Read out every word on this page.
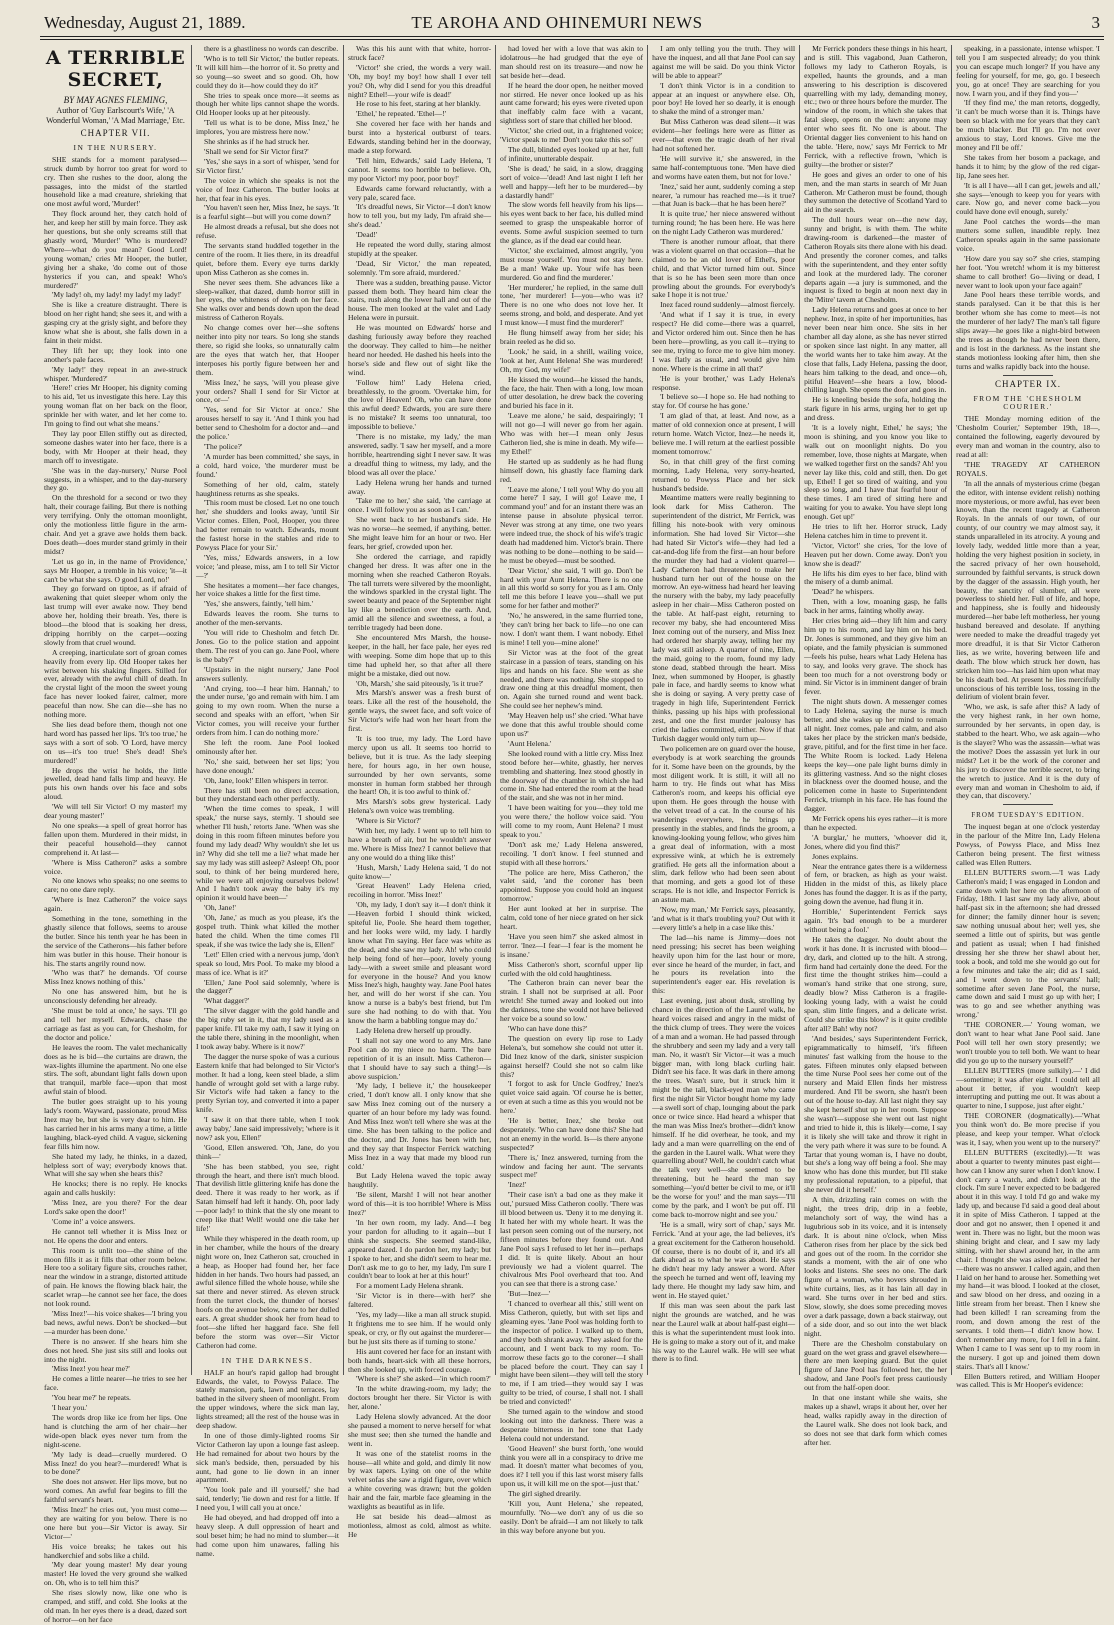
Wednesday, August 21, 1889.	TE AROHA AND OHINEMURI NEWS	3
A TERRIBLE SECRET,
BY MAY AGNES FLEMING,
Author of 'Guy Earlscourt's Wife,' 'A Wonderful Woman,' 'A Mad Marriage,' Etc.
CHAPTER VII.
IN THE NURSERY.

SHE stands for a moment paralysed—struck dumb by horror too great for word to cry. Then she rushes to the door, along the passages, into the midst of the startled household like a mad creature, shrieking that one most awful word, 'Murder!'

They flock around her, they catch hold of her, and keep her still by main force. They ask her questions, but she only screams still that ghastly word, 'Murder!' 'Who is murdered? Where—what do you mean? Good Lord! young woman,' cries Mr Hooper, the butler, giving her a shake, 'do come out of those hysterics if you can, and speak! Who's murdered?'

'My lady! oh, my lady! my lady! my lady!'

She is like a creature distraught. There is blood on her right hand; she sees it, and with a gasping cry at the grisly sight, and before they know what she is about, she falls down in a faint in their midst.

They lift her up; they look into one another's pale faces.

'My lady!' they repeat in an awe-struck whisper. 'Murdered?'

'Here!' cries Mr Hooper, his dignity coming to his aid, 'let us investigate this here. Lay this young woman flat on her back on the floor, sprinkle her with water, and let her come to. I'm going to find out what she means.'

They lay poor Ellen stiffly out as directed, someone dashes water into her face, there is a body, with Mr Hooper at their head, they march off to investigate.

'She was in the day-nursery,' Nurse Pool suggests, in a whisper, and to the day-nursery they go.

On the threshold for a second or two they halt, their courage failing. But there is nothing very terrifying. Only the ottoman moonlight, only the motionless little figure in the arm-chair. And yet a grave awe holds them back. Does death—does murder stand grimly in their midst?

'Let us go in, in the name of Providence,' says Mr Hooper, a tremble in his voice; 'it—it can't be what she says. O good Lord, no!'

They go forward on tiptoe, as if afraid of awakening that quiet sleeper whom only the last trump will ever awake now. They bend above her, holding their breath. Yes, there is blood—the blood that is soaking her dress, dripping horribly on the carpet—oozing slowly from that cruel wound.

A creeping, inarticulate sort of groan comes heavily from every lip. Old Hooper takes her wrist between his shaking fingers. Stilled for ever, already with the awful chill of death. In the crystal light of the moon the sweet young face has never looked fairer, calmer, more peaceful than now. She can die—she has no nothing more.

She lies dead before them, though not one hard word has passed her lips. 'It's too true,' he says with a sort of sob. 'O Lord, have mercy on us—it's too true! She's dead! She's murdered!'

He drops the wrist he holds, the little jewelled, dead hand falls limp and heavy. He puts his own hands over his face and sobs aloud.

'We will tell Sir Victor! O my master! my dear young master!'

No one speaks—a spell of great horror has fallen upon them. Murdered in their midst, in their peaceful household—they cannot comprehend it. At last—

'Where is Miss Catheron?' asks a sombre voice.

No one knows who speaks; no one seems to care; no one dare reply.

'Where is Inez Catheron?' the voice says again.

Something in the tone, something in the ghastly silence that follows, seems to arouse the butler. Since his tenth year he has been in the service of the Catherons—his father before him was butler in this house. Their honour is his. The starts angrily round now.

'Who was that?' he demands. 'Of course Miss Inez knows nothing of this.'

No one has answered him, but he is unconsciously defending her already.

'She must be told at once,' he says. 'I'll go and tell her myself. Edwards, chase the carriage as fast as you can, for Chesholm, for the doctor and police.'

He leaves the room. The valet mechanically does as he is bid—the curtains are drawn, the wax-lights illumine the apartment. No one else stirs. The soft, abundant light falls down upon that tranquil, marble face—upon that most awful stain of blood.

The butler goes straight up to his young lady's room. Wayward, passionate, proud Miss Inez may be, but she is very dear to him. He has carried her in his arms many a time, a little laughing, black-eyed child. A vague, sickening fear fills him now.

She hated my lady, he thinks, in a dazed, helpless sort of way; everybody knows that. What will she say when she hears this?

He knocks; there is no reply. He knocks again and calls huskily:

'Miss Inez, are you there? For the dear Lord's sake open the door!'

'Come in!' a voice answers.

He cannot tell whether it is Miss Inez or not. He opens the door and enters.

This room is unlit too—the shine of the moon fills it as it fills that other room below. Here too a solitary figure sits, crouches rather, near the window in a strange, distorted attitude of pain. He knows the flowing black hair, the scarlet wrap—he cannot see her face, the does not look round.

'Miss Inez!'—his voice shakes—'I bring you bad news, awful news. Don't be shocked—but—a murder has been done.'

There is no answer. If she hears him she does not heed. She just sits still and looks out into the night.

'Miss Inez! you hear me?'

He comes a little nearer—he tries to see her face.

'You hear me?' he repeats.

'I hear you.'

The words drop like ice from her lips. One hand is clutching the arm of her chair—her wide-open black eyes never turn from the night-scene.

'My lady is dead—cruelly murdered. O Miss Inez! do you hear?—murdered! What is to be done?'

She does not answer. Her lips move, but no word comes. An awful fear begins to fill the faithful servant's heart.

'Miss Inez!' he cries out, 'you must come—they are waiting for you below. There is no one here but you—Sir Victor is away. Sir Victor—'

His voice breaks; he takes out his handkerchief and sobs like a child.

'My dear young master! My dear young master! He loved the very ground she walked on. Oh, who is to tell him this?'

She rises slowly now, like one who is cramped, and stiff, and cold. She looks at the old man. In her eyes there is a dead, dazed sort of horror—on her face

there is a ghastliness no words can describe.

'Who is to tell Sir Victor,' the butler repeats. 'It will kill him—the horror of it. So pretty and so young—so sweet and so good. Oh, how could they do it—how could they do it?'

She tries to speak once more—it seems as though her white lips cannot shape the words. Old Hooper looks up at her piteously.

'Tell us what is to be done, Miss Inez,' he implores, 'you are mistress here now.'

She shrinks as if he had struck her.

'Shall we send for Sir Victor first?'

'Yes,' she says in a sort of whisper, 'send for Sir Victor first.'

The voice in which she speaks is not the voice of Inez Catheron. The butler looks at her, that fear in his eyes.

'You haven't seen her, Miss Inez, he says. 'It is a fearful sight—but will you come down?'

He almost dreads a refusal, but she does not refuse.

The servants stand huddled together in the centre of the room. It lies there, in its dreadful quiet, before them. Every eye turns darkly upon Miss Catheron as she comes in.

She never sees them. She advances like a sleep-walker, that dazed, dumb horror still in her eyes, the whiteness of death on her face. She walks over and bends down upon the dead mistress of Catheron Royals.

No change comes over her—she softens neither into pity nor tears. So long she stands there, so rigid she looks, so unnaturally calm are the eyes that watch her, that Hooper interposes his portly figure between her and them.

'Miss Inez,' he says, 'will you please give your orders? Shall I send for Sir Victor at once, or—'

'Yes, send for Sir Victor at once.' She arouses herself to say it. 'And I think you had better send to Chesholm for a doctor and—and the police.'

'The police?'

'A murder has been committed,' she says, in a cold, hard voice, 'the murderer must be found.'

Something of her old, calm, stately haughtiness returns as she speaks.

'This room must be closed. Let no one touch her,' she shudders and looks away, 'until Sir Victor comes. Ellen, Pool, Hooper, you three had better remain to watch. Edwards, mount the fastest horse in the stables and ride to Powyss Place for your Sir.'

'Yes, miss,' Edwards answers, in a low voice; 'and please, miss, am I to tell Sir Victor—?'

She hesitates a moment—her face changes, her voice shakes a little for the first time.

'Yes,' she answers, faintly, 'tell him.'

Edwards leaves the room. She turns to another of the men-servants.

'You will ride to Chesholm and fetch Dr. Jones. Go to the police station and appoint them. The rest of you can go. Jane Pool, where is the baby?'

'Upstairs in the night nursery,' Jane Pool answers sullenly.

'And crying, too—I hear him. Hannah,' to the under nurse, 'go and remain with him. I am going to my own room. When the nurse a second and speaks with an effort, 'when Sir Victor comes, you will receive your further orders from him. I can do nothing more.'

She left the room. Jane Pool looked ominously after her.

'No,' she said, between her set lips; 'you have done enough.'

'Oh, Jane, look!' Ellen whispers in terror.

There has still been no direct accusation, but they understand each other perfectly.

'When the time comes to speak, I will speak,' the nurse says, sternly. 'I should see whether I'll hush,' retorts Jane. 'When was she doing in this room fifteen minutes before you found my lady dead? Why wouldn't she let us in? Why did she tell me a lie? what made her say my lady was still asleep? Asleep! Oh, poor soul, to think of her being murdered here, while we were all enjoying ourselves below! And I hadn't took away the baby it's my opinion it would have been—'

'Oh, Jane!'

'Oh, Jane,' as much as you please, it's the gospel truth. Think what killed the mother hated the child. When the time comes I'll speak, if she was twice the lady she is, Ellen!'

'Let!' Ellen cried with a nervous jump, 'don't speak so loud, Mrs Pool. To make my blood a mass of ice. What is it?'

'Ellen,' Jane Pool said solemnly, 'where is the dagger?'

'What dagger?'

'The silver dagger with the gold handle and the big ruby set in it, that my lady used as a paper knife. I'll take my oath, I saw it lying on the table there, shining in the moonlight, when I took away baby. Where is it now?'

The dagger the nurse spoke of was a curious Eastern knife that had belonged to Sir Victor's mother. It had a long, keen steel blade, a slim handle of wrought gold set with a large ruby. Sir Victor's wife had taken a fancy to the pretty Syrian toy, and converted it into a paper knife.

'I saw it on that there table, when I took away baby,' Jane said impressively; 'where is it now? ask you, Ellen!'

'Good, Ellen answered. 'Oh, Jane, do you think—'

'She has been stabbed, you see, right through the heart, and there isn't much blood. That devilish little glittering knife has done the deed. There it was ready to her work, as if Satan himself had left it handy. Oh, poor lady—poor lady! to think that the sly one meant to creep like that! Well! would one die take her life!'

While they whispered in the death room, up in her chamber, while the hours of the dreary night wore on, Inez Catheron sat, crouched in a heap, as Hooper had found her, her face hidden in her hands. Two hours had passed, an awful silence filled the whole house, while she sat there and never stirred. As eleven struck from the turret clock, the thunder of horses' hoofs on the avenue below, came to her dulled ears. A great shudder shook her from head to foot—she lifted her haggard face. She fell before the storm was over—Sir Victor Catheron had come.

IN THE DARKNESS.

HALF an hour's rapid gallop had brought Edwards, the valet, to Powyss Palace. The stately mansion, park, lawn and terraces, lay bathed in the silvery sheen of moonlight. From the upper windows, where the sick man lay, lights streamed; all the rest of the house was in deep shadow.

In one of those dimly-lighted rooms Sir Victor Catheron lay upon a lounge fast asleep. He had remained for about two hours by the sick man's bedside, then, persuaded by his aunt, had gone to lie down in an inner apartment.

'You look pale and ill yourself,' she had said, tenderly; 'lie down and rest for a little. If I need you, I will call you at once.'

He had obeyed, and had dropped off into a heavy sleep. A dull oppression of heart and soul beset him; he had no mind to slumber—it had come upon him unawares, falling his name.

Was this his aunt with that white, horror-struck face?

'Victor!' she cried, the words a very wail. 'Oh, my boy! my boy! how shall I ever tell you? Oh, why did I send for you this dreadful night? Ethel!—your wife is dead!'

He rose to his feet, staring at her blankly.

'Ethel,' he repeated. 'Ethel—!'

She covered her face with her hands and burst into a hysterical outburst of tears. Edwards, standing behind her in the doorway, made a step forward.

'Tell him, Edwards,' said Lady Helena, 'I cannot. It seems too horrible to believe. Oh, my poor Victor! my poor, poor boy!'

Edwards came forward reluctantly, with a very pale, scared face.

'It's dreadful news, Sir Victor—I don't know how to tell you, but my lady, I'm afraid she—she's dead.'

'Dead!'

He repeated the word dully, staring almost stupidly at the speaker.

'Dead, Sir Victor,' the man repeated, solemnly. 'I'm sore afraid, murdered.'

There was a sudden, breathing pause. Victor passed them both. They heard him clear the stairs, rush along the lower hall and out of the house. The men looked at the valet and Lady Helena were in pursuit.

He was mounted on Edwards' horse and dashing furiously away before they reached the doorway. They called to him—he neither heard nor heeded. He dashed his heels into the horse's side and flew out of sight like the wind.

'Follow him!' Lady Helena cried, breathlessly, to the groom. 'Overtake him, for the love of Heaven! Oh, who can have done this awful deed? Edwards, you are sure there is no mistake? It seems too unnatural, too impossible to believe.'

'There is no mistake, my lady,' the man answered, sadly. 'I saw her myself, and a more horrible, heartrending sight I never saw. It was a dreadful thing to witness, my lady, and the blood was all over the place.'

Lady Helena wrung her hands and turned away.

'Take me to her,' she said, 'the carriage at once. I will follow you as soon as I can.'

She went back to her husband's side. He was no worse—he seemed, if anything, better. She might leave him for an hour or two. Her fears, her grief, crowded upon her.

She ordered the carriage, and rapidly changed her dress. It was after one in the morning when she reached Catheron Royals. The tall turrets were silvered by the moonlight, the windows sparkled in the crystal light. The sweet beauty and peace of the September night lay like a benediction over the earth. And, amid all the silence and sweetness, a foul, a terrible tragedy had been done.

She encountered Mrs Marsh, the house-keeper, in the hall, her face pale, her eyes red with weeping. Some dim hope that up to this time had upheld her, so that after all there might be a mistake, died out now.

'Oh, Marsh,' she said piteously, 'is it true?'

Mrs Marsh's answer was a fresh burst of tears. Like all the rest of the household, the gentle ways, the sweet face, and soft voice of Sir Victor's wife had won her heart from the first.

'It is too true, my lady. The Lord have mercy upon us all. It seems too horrid to believe, but it is true. As the lady sleeping here, for hours ago, in her own house, surrounded by her own servants, some monster in human form stabbed her through the heart! Oh, it is too awful to think of.'

Mrs Marsh's sobs grew hysterical. Lady Helena's own voice was trembling.

'Where is Sir Victor?'

'With her, my lady. I went up to tell him to have a breath of air, but he wouldn't answer me. Where is Miss Inez? I cannot believe that any one would do a thing like this!'

'Hush, Marsh,' Lady Helena said, 'I do not quite know—'

'Great Heaven!' Lady Helena cried, recoiling in horror. 'Miss Inez!'

'Oh, my lady, I don't say it—I don't think it—Heaven forbid I should think wicked, spiteful lie, Poole. She heard them together, and her looks were wild, my lady. I hardly know what I'm saying. Her face was white as the dead, and she saw my lady. Ah! who could help being fond of her—poor, lovely young lady—with a sweet smile and pleasant word for everyone in the house? And you know Miss Inez's high, haughty way. Jane Pool hates her, and will do her worst if she can. You know a nurse is a baby's best friend, but I'm sure she had nothing to do with that. You know the harm a babbling tongue may do.'

Lady Helena drew herself up proudly.

'I shall not say one word to any Mrs. Jane Pool can do my niece no harm. The bare repetition of it is an insult. Miss Catheron—that I should have to say such a thing!—is above suspicion.'

'My lady, I believe it,' the housekeeper cried, 'I don't know all. I only know that she saw Miss Inez coming out of the nursery a quarter of an hour before my lady was found. And Miss Inez won't tell where she was at the time. She has been talking to the police and the doctor, and Dr. Jones has been with her, and they say that Inspector Ferrick watching Miss Inez in a way that made my blood run cold.'

But Lady Helena waved the topic away haughtily.

'Be silent, Marsh! I will not hear another word of this—it is too horrible! Where is Miss Inez?'

'In her own room, my lady. And—I beg your pardon for alluding to it again—but I think she suspects. She seemed stand-like, appeared dazed. I do pardon her, my lady; but I spoke to her, and she didn't seem to hear me. Don't ask me to go to her, my lady, I'm sure I couldn't bear to look at her at this hour!'

For a moment Lady Helena shrank.

'Sir Victor is in there—with her?' she faltered.

'Yes, my lady—like a man all struck stupid. It frightens me to see him. If he would only speak, or cry, or fly out against the murderer—but he just sits there as if turning to stone.'

His aunt covered her face for an instant with both hands, heart-sick with all these horrors, then she looked up, with forced courage.

'Where is she?' she asked—'in which room?'

'In the white drawing-room, my lady; the doctors brought her there. Sir Victor is with her, alone.'

Lady Helena slowly advanced. At the door she paused a moment to nerve herself for what she must see; then she turned the handle and went in.

It was one of the statelist rooms in the house—all white and gold, and dimly lit now by wax tapers. Lying on one of the white velvet sofas she saw a rigid figure, over which a white covering was drawn; but the golden hair and the fair, marble face gleaming in the waxlights as beautiful as in life.

He sat beside his dead—almost as motionless, almost as cold, almost as white. He

had loved her with a love that was akin to idolatrous—he had grudged that the eye of man should rest on its treasure—and now he sat beside her—dead.

If he heard the door open, he neither moved nor stirred. He never once looked up as his aunt came forward; his eyes were riveted upon that ineffably calm face with a vacant, sightless sort of stare that chilled her blood.

'Victor,' she cried out, in a frightened voice; 'Victor speak to me! Don't you take this so!'

The dull, blinded eyes looked up at her, full of infinite, unutterable despair.

'She is dead,' he said, in a slow, dragging sort of voice—'dead! And last night I left her well and happy—left her to be murdered—by a dastardly hand!'

The slow words fell heavily from his lips—his eyes went back to her face, his dulled mind seemed to grasp the unspeakable horror of events. Some awful suspicion seemed to turn the glance, as if the dead ear could hear.

'Victor,' she exclaimed, almost angrily, 'you must rouse yourself. You must not stay here. Be a man! Wake up. Your wife has been murdered. Go and find the murderer.'

'Her murderer,' he replied, in the same dull tone, 'her murderer! I—you—who was it? There is no one who does not love her. It seems strong, and bold, and desperate. And yet I must know—I must find the murderer!'

He flung himself away from her side; his brain reeled as he did so.

'Look,' he said, in a shrill, wailing voice, 'look at her, Aunt Helena! She was murdered! Oh, my God, my wife!'

He kissed the wound—he kissed the hands, the face, the hair. Then with a long, low moan of utter desolation, he drew back the covering and buried his face in it.

'Leave me alone,' he said, despairingly; 'I will not go—I will never go from her again. Who was with her—I mean only Jesus Catheron lied, she is mine in death. My wife—my Ethel!'

He started up as suddenly as he had flung himself down, his ghastly face flaming dark red.

'Leave me alone,' I tell you! Why do you all come here?' I say, I will go! Leave me, I command you!' and for an instant there was an intense pause in absolute physical terror. Never was strong at any time, one two years were indeed true, the shock of his wife's tragic death had maddened him. Victor's brain. There was nothing to be done—nothing to be said—he must be obeyed—must be soothed.

'Dear Victor,' she said, 'I will go. Don't be hard with your Aunt Helena. There is no one in all this world so sorry for you as I am. Only tell me this before I leave you—shall we put some for her father and mother?'

'No,' he answered, in the same flurried tone, 'they can't bring her back to life—no one can now. I don't want them. I want nobody. Ethel is mine! I tell you—mine alone!'

Sir Victor was at the foot of the great staircase in a passion of tears, standing on his lips and hands on his face. She went as she needed, and there was nothing. She stopped to draw one thing at this dreadful moment, then on. Again she turned round and went back. She could see her nephew's mind.

'May Heaven help us!' she cried. 'What have we done that this awful trouble should come upon us?'

'Aunt Helena.'

She looked round with a little cry. Miss Inez stood before her—white, ghastly, her nerves trembling and shattering. Inez stood ghostly in the doorway of the chamber in which she had come in. She had entered the room at the head of the stair, and she was not in her mind.

'I have been waiting for you—they told me you were there,' the hollow voice said. 'You will come to my room, Aunt Helena? I must speak to you.'

'Don't ask me,' Lady Helena answered, recoiling. 'I don't know. I feel stunned and stupid with all these horrors.'

'The police are here, Miss Catheron,' the valet said, 'and the coroner has been appointed. Suppose you could hold an inquest tomorrow.'

Her aunt looked at her in surprise. The calm, cold tone of her niece grated on her sick heart.

'Have you seen him?' she asked almost in terror. 'Inez—I fear—I fear is the moment he is insane.'

Miss Catheron's short, scornful upper lip curled with the old cold haughtiness.

'The Catheron brain can never bear the strain. I shall not be surprised at all. Poor wretch! She turned away and looked out into the darkness, tone she would not have believed her voice be a sound so low.'

'Who can have done this?'

The question on every lip rose to Lady Helena's, but somehow she could not utter it. Did Inez know of the dark, sinister suspicion against herself? Could she not so calm like this?

'I forgot to ask for Uncle Godfrey,' Inez's quiet voice said again. 'Of course he is better, or even at such a time as this you would not be here.'

'He is better, Inez,' she broke out desperately. 'Who can have done this? She had not an enemy in the world. Is—is there anyone suspected?'

'There is,' Inez answered, turning from the window and facing her aunt. 'The servants suspect me!'

'Inez!'

'Their case isn't a bad one as they make it out,' pursued Miss Catheron coolly. 'There was ill blood between us. 'Deny it to me denying it. It hated her with my whole heart. It was the last person seen coming out of the nursery, not fifteen minutes before they found out. And Jane Pool says I refused to let her in—perhaps I did. It is quite likely. About an hour previously we had a violent quarrel. The chivalrous Mrs Pool overheard that too. And you can see that there is a strong case.'

'But—Inez—'

'I chanced to overhear all this,' still went on Miss Catheron, quietly, but with set lips and gleaming eyes. 'Jane Pool was holding forth to the inspector of police. I walked up to them, and they both shrank away. They asked for the account, and I went back to my room. To-morrow these facts go to the coroner—I shall be placed before the court. They can say I might have been silent—they will tell the story to me, if I am tried—they would say I was guilty to be tried, of course, I shall not. I shall be tried and convicted!'

She turned again to the window and stood looking out into the darkness. There was a desperate bitterness in her tone that Lady Helena could not understand.

'Good Heaven!' she burst forth, 'one would think you were all in a conspiracy to drive me mad. It doesn't matter what becomes of you, does it? I tell you if this last worst misery falls upon us, it will kill me on the spot—just that.'

The girl sighed drearily.

'Kill you, Aunt Helena,' she repeated, mournfully. 'No—we don't any of us die so easily. Don't be afraid—I am not likely to talk in this way before anyone but you.

I am only telling you the truth. They will have the inquest, and all that Jane Pool can say against me will be said. Do you think Victor will be able to appear?'

'I don't think Victor is in a condition to appear at an inquest or anywhere else. Oh, poor boy! He loved her so dearly, it is enough to shake the mind of a stronger man.'

But Miss Catheron was dead silent—it was evident—her feelings here were as flitter as ever—that even the tragic death of her rival had not softened her.

'He will survive it,' she answered, in the same half-contemptuous tone. 'Men have died and worms have eaten them, but not for love.'

'Inez,' said her aunt, suddenly coming a step nearer, 'a rumour has reached me—is it true?—that Juan is back—that he has been here?'

It is quite true,' her niece answered without turning round; 'he has been here. He was here on the night Lady Catheron was murdered.'

'There is another rumour afloat, that there was a violent quarrel on that occasion—that he claimed to be an old lover of Ethel's, poor child, and that Victor turned him out. Since that is so he has been seen more than once prowling about the grounds. For everybody's sake I hope it is not true.'

Inez faced round suddenly—almost fiercely.

'And what if I say it is true, in every respect? He did come—there was a quarrel, and Victor ordered him out. Since then he has been here—prowling, as you call it—trying to see me, trying to force me to give him money. I was flatly as usual, and would give him none. Where is the crime in all that?'

'He is your brother,' was Lady Helena's response.

'I believe so—I hope so. He had nothing to stay for. Of course he has gone.'

'I am glad of that, at least. And now, as a matter of old connexion once at present, I will return home. Watch Victor, Inez—he needs it, believe me. I will return at the earliest possible moment tomorrow.'

So, in that chill grey of the first coming morning, Lady Helena, very sorry-hearted, returned to Powyss Place and her sick husband's bedside.

Meantime matters were really beginning to look dark for Miss Catheron. The superintendent of the district, Mr Ferrick, was filling his note-book with very ominous information. She had loved Sir Victor—she had hated Sir Victor's wife—they had led a cat-and-dog life from the first—an hour before the murder they had had a violent quarrel—Lady Catheron had threatened to make her husband turn her out of the house on the morrow. An eye-witness had heard her leaving the nursery with the baby, my lady peacefully asleep in her chair—Miss Catheron posted on the table. At half-past eight, returning to recover my baby, she had encountered Miss Inez coming out of the nursery, and Miss Inez had ordered her sharply away, telling her my lady was still asleep. A quarter of nine, Ellen, the maid, going to the room, found my lady stone dead, stabbed through the heart. Miss Inez, when summoned by Hooper, is ghastly pale in face, and hardly seems to know what she is doing or saying. A very pretty case of tragedy in high life, Superintendent Ferrick thinks, passing up his hips with professional zest, and one the first murder jealousy has cried the ladies committed, either. Now if that Turkish dagger would only turn up—

Two policemen are on guard over the house, everybody is at work searching the grounds for it. Some have been on the grounds, by the most diligent work. It is still, it will all no harm to try. He finds out what has Miss Catheron's room, and keeps his official eye upon them. He goes through the house with the velvet tread of a cat. In the course of his wanderings everywhere, he brings up presently in the stables, and finds the groom, a knowing-looking young fellow, who gives him a great deal of information, with a most expressive wink, at which he is extremely gratified. He gets all the information about a slim, dark fellow who had been seen about that morning, and gets a good lot of these scraps. He is not idle, and Inspector Ferrick is an astute man.

'Now, my man,' Mr Ferrick says, pleasantly, 'and what is it that's troubling you? Out with it—every little's a help in a case like this.'

The lad—his name is Jimmy—does not need pressing; his secret has been weighing heavily upon him for the last hour or more, ever since he heard of the murder, in fact, and he pours its revelation into the superintendent's eager ear. His revelation is this:

Last evening, just about dusk, strolling by chance in the direction of the Laurel walk, he heard voices raised and angry in the midst of the thick clump of trees. They were the voices of a man and a woman. He had passed through the shrubbery and seen my lady and a very tall man. No, it wasn't Sir Victor—it was a much bigger man, with long black curling hair. Didn't see his face. It was dark in there among the trees. Wasn't sure, but it struck him it might be the tall, black-eyed man who came first the night Sir Victor bought home my lady—a swell sort of chap, lounging about the park once or twice since. Had heard a whisper that the man was Miss Inez's brother—didn't know himself. If he did overhear, he took, and my lady and a man were quarrelling on the end of the garden in the Laurel walk. What were they quarrelling about? Well, he couldn't catch what the talk very well—she seemed to be threatening, but he heard the man say something—'you'd better be civil to me, or it'll be the worse for you!' and the man says—'I'll come by the park, and I won't be put off. I'll come back to-morrow night and see you.'

'He is a small, wiry sort of chap,' says Mr. Ferrick. 'And at your age, the lad believes, it's a great excitement for the Catheron household. Of course, there is no doubt of it, and it's all dark ahead as to what he was about. He says he didn't hear my lady answer a word. After the speech he turned and went off, leaving my lady there. He thought my lady saw him, and went in. He stayed quiet.'

If this man was seen about the park last night the grounds are watched, and he was near the Laurel walk at about half-past eight—this is what the superintendent must look into. He is going to make a story out of it, and make his way to the Laurel walk. He will see what there is to find.

Mr Ferrick ponders these things in his heart, and is still. This vagabond, Juan Catheron, follows my lady to Catheron Royals, is expelled, haunts the grounds, and a man answering to his description is discovered quarrelling with my lady, demanding money, etc.; two or three hours before the murder. The window of the room, in which she takes that fatal sleep, opens on the lawn: anyone may enter who sees fit. No one is about. The Oriental dagger lies convenient to his hand on the table. 'Here, now,' says Mr Ferrick to Mr Ferrick, with a reflective frown, 'which is guilty—the brother or sister?'

He goes and gives an order to one of his men, and the man starts in search of Mr Juan Catheron. Mr Catheron must be found, though they summon the detective of Scotland Yard to aid in the search.

The dull hours wear on—the new day, sunny and bright, is with them. The white drawing-room is darkened—the master of Catheron Royals sits there alone with his dead. And presently the coroner comes, and talks with the superintendent, and they enter softly and look at the murdered lady. The coroner departs again —a jury is summoned, and the inquest is fixed to begin at noon next day in the 'Mitre' tavern at Chesholm.

Lady Helena returns and goes at once to her nephew. Inez, in spite of her importunities, has never been near him once. She sits in her chamber all day alone, as she has never stirred or spoken since last night. In any matter, all the world wants her to take him away. At the close that falls, Lady Helena, passing the door, hears him talking to the dead, and once—oh, pitiful Heaven!—she hears a low, blood-chilling laugh. She opens the door and goes in.

He is kneeling beside the sofa, holding the stark figure in his arms, urging her to get up and dress.

'It is a lovely night, Ethel,' he says; 'the moon is shining, and you know you like to walk out on moonlight nights. Do you remember, love, those nights at Margate, when we walked together first on the sands? Ah! you never lay like this, cold and still, then. Do get up, Ethel! I get so tired of waiting, and you sleep so long, and I have that fearful hour of these times. I am tired of sitting here and waiting for you to awake. You have slept long enough. Get up!'

He tries to lift her. Horror struck, Lady Helena catches him in time to prevent it.

'Victor, Victor!' she cries, 'for the love of Heaven put her down. Come away. Don't you know she is dead?'

He lifts his dim eyes to her face, blind with the misery of a dumb animal.

'Dead?' he whispers.

Then, with a low, moaning gasp, he falls back in her arms, fainting wholly away.

Her cries bring aid—they lift him and carry him up to his room, and lay him on his bed. Dr. Jones is summoned, and they give him an opiate, and the family physician is summoned—feels his pulse, hears what Lady Helena has to say, and looks very grave. The shock has been too much for a not overstrong body or mind. Sir Victor is in imminent danger of brain fever.

The night shuts down. A messenger comes to Lady Helena, saying the nurse is much better, and she wakes up her mind to remain all night. Inez comes, pale and calm, and also takes her place by the stricken man's bedside, grave, pitiful, and for the first time in her face. The White Room is locked. Lady Helena keeps the key—one pale light burns dimly in its glittering vastness. And so the night closes in blackness over the doomed house, and the policemen come in haste to Superintendent Ferrick, triumph in his face. He has found the dagger.

Mr Ferrick opens his eyes rather—it is more than he expected.

'A burglar,' he mutters, 'whoever did it, Jones, where did you find this?'

Jones explains.

Near the entrance gates there is a wilderness of fern, or bracken, as high as your waist. Hidden in the midst of this, as likely place Jones has found the dagger. It is as if the party, going down the avenue, had flung it in.

Horrible,' Superintendent Ferrick says again. 'It's bad enough to be a murderer without being a fool.'

He takes the dagger. No doubt about the work it has done. It is incrusted with blood—dry, dark, and clotted up to the hilt. A strong, firm hand had certainly done the deed. For the first time the thought strikes him—could a woman's hand strike that one strong, sure, deadly blow? Miss Catheron is a fragile-looking young lady, with a waist he could span, slim little fingers, and a delicate wrist. Could she strike this blow? is it quite credible after all? Bah! why not?

'And besides,' says Superintendent Ferrick, epigrammatically to himself, 'it's fifteen minutes' fast walking from the house to the gates. Fifteen minutes only elapsed between the time Nurse Pool sees her come out of the nursery and Maid Ellen finds her mistress murdered. And I'll be sworn, she hasn't been out of the house to-day. All last night they say she kept herself shut up in her room. Suppose she wasn't—suppose she went out last night and tried to hide it, this is likely—come, I say it is likely she will take and throw it right in the very path where it was sure to be found. A Tartar that young woman is, I have no doubt, but she's a long way off being a fool. She may know who has done this murder, but I'll stake my professional reputation, to a pipeful, that she never did it herself.'

A thin, drizzling rain comes on with the night, the trees drip, drip in a feeble, melancholy sort of way, the wind has a lugubrious sob in its voice, and it is intensely dark. It is about nine o'clock, when Miss Catheron rises from her place by the sick bed and goes out of the room. In the corridor she stands a moment, with the air of one who looks and listens. She sees no one. The dark figure of a woman, who hovers shrouded in white curtains, lies, as it has lain all day in ward. She turns over in her bed and stirs. Slow, slowly, she does some preceding moves over a dark passage, down a back stairway, out of a side door, and so out into the wet black night.

There are the Chesholm constabulary on guard on the wet grass and gravel elsewhere—there are men keeping guard. But the quiet figure of Jane Pool has followed her, the her shadow, and Jane Pool's feet press cautiously out from the half-open door.

In that one instant while she waits, she makes up a shawl, wraps it about her, over her head, walks rapidly away in the direction of the Laurel walk. She does not look back, and so does not see that dark form which comes after her.

speaking, in a passionate, intense whisper. 'I tell you I am suspected already; do you think you can escape much longer? If you have any feeling for yourself, for me, go, go. I beseech you, go at once! They are searching for you now. I warn you, and if they find you—'

'If they find me,' the man retorts, doggedly, 'it can't be much worse than it is. Things have been so black with me for years that they can't be much blacker. But I'll go. I'm not over anxious to stay, Lord knows. Give me the money and I'll be off.'

She takes from her bosom a package, and hands it to him; by the glow of the red cigar-lip, Jane sees her.

'It is all I have—all I can get, jewels and all,' she says—'enough to keep you for years with care. Now go, and never come back—you could have done evil enough, surely.'

Jane Pool catches the words—the man mutters some sullen, inaudible reply. Inez Catheron speaks again in the same passionate voice.

'How dare you say so?' she cries, stamping her foot. 'You wretch! whom it is my bitterest shame to call brother! Go—living or dead, I never want to look upon your face again!'

Jane Pool hears these terrible words, and stands paralysed. Can it be that this is her brother whom she has come to meet—is not the murderer of her lady? The man's tall figure slips away—he goes like a night-bird between the trees as though he had never been there, and is lost in the darkness. As the instant she stands motionless looking after him, then she turns and walks rapidly back into the house.

CHAPTER IX.
FROM THE 'CHESHOLM COURIER.'

THE Monday morning edition of the 'Chesholm Courier,' September 19th, 18—, contained the following, eagerly devoured by every man and woman in the country, also to read at all:

'THE TRAGEDY AT CATHERON ROYALS.

'In all the annals of mysterious crime (began the editor, with intense evident relish) nothing more mysterious, or more awful, has ever been known, than the recent tragedy at Catheron Royals. In the annals of our town, of our county, of our country we may almost say, it stands unparalleled in its atrocity. A young and lovely lady, wedded little more than a year, holding the very highest position in society, in the sacred privacy of her own household, surrounded by faithful servants, is struck down by the dagger of the assassin. High youth, her beauty, the sanctity of slumber, all were powerless to shield her. Full of life, and hope, and happiness, she is foully and hideously murdered—her babe left motherless, her young husband bereaved and desolate. If anything were needed to make the dreadful tragedy yet more dreadful, it is that Sir Victor Catheron lies, as we write, hovering between life and death. The blow which struck her down, has stricken him too—has laid him upon what may be his death bed. At present he lies mercifully unconscious of his terrible loss, tossing in the delirium of violent brain fever.

'Who, we ask, is safe after this? A lady of the very highest rank, in her own home, surrounded by her servants, in open day, is stabbed to the heart. Who, we ask again—who is the slayer? Who was the assassin—what was the motive? Does the assassin yet lurk in our midst? Let it be the work of the coroner and his jury to discover the terrible secret, to bring the wretch to justice. And it is the duty of every man and woman in Chesholm to aid, if they can, that discovery.'

FROM TUESDAY'S EDITION.

The inquest began at one o'clock yesterday in the parlour of the Mitre Inn, Lady Helena Powyss, of Powyss Place, and Miss Inez Catheron being present. The first witness called was Ellen Rutters.

ELLEN BUTTERS sworn.—'I was Lady Catheron's maid; I was engaged in London and came down with her here on the afternoon of Friday, 18th. I last saw my lady alive, about half-past six in the afternoon; she had dressed for dinner; the family dinner hour is seven; saw nothing unusual about her; well yes, she seemed a little out of spirits, but was gentle and patient as usual; when I had finished dressing her she threw her shawl about her, took a book, and told me she would go out for a few minutes and take the air; did as I said, and I went down to the servants' hall; sometime after seven Jane Pool, the nurse, came down and said I must go up with her; I was to go and see whether anything was wrong.'

'THE CORONER.—' Young woman, we don't want to hear what Jane Pool said. Jane Pool will tell her own story presently; we won't trouble you to tell both. We want to hear did you go up to the nursery yourself?'

ELLEN BUTTERS (more sulkily).—' I did—sometime; it was after eight. I could tell all about it better, if you wouldn't keep interrupting and putting me out. It was about a quarter to nine, I suppose, just after eight.'

THE CORONER (dogmatically).—'What you think won't do. Be more precise if you please, and keep your temper. What o'clock was it, I say, when you went up to the nursery?'

ELLEN BUTTERS (excitedly).—'It was about a quarter to twenty minutes past eight—how can I know any surer when I don't know. I don't carry a watch, and didn't look at the clock. I'm sure I never expected to be badgered about it in this way. I told I'd go and wake my lady up, and because I'd said a good deal about it in spite of Miss Catheron. I tapped at the door and got no answer, then I opened it and went in. There was no light, but the moon was shining bright and clear, and I saw my lady sitting, with her shawl around her, in the arm chair. I thought she was asleep and called her—there was no answer. I called again, and then I laid on her hand to arouse her. Something wet my hand—it was blood. I looked at the closet, and saw blood on her dress, and oozing in a little stream from her breast. Then I knew she had been killed! I ran screaming from the room, and down among the rest of the servants. I told them—I didn't know how. I don't remember any more, for I fell in a faint. When I came to I was sent up to my room in the nursery. I got up and joined them down stairs. That's all I know.'

Ellen Butters retired, and William Hooper was called. This is Mr Hooper's evidence:
